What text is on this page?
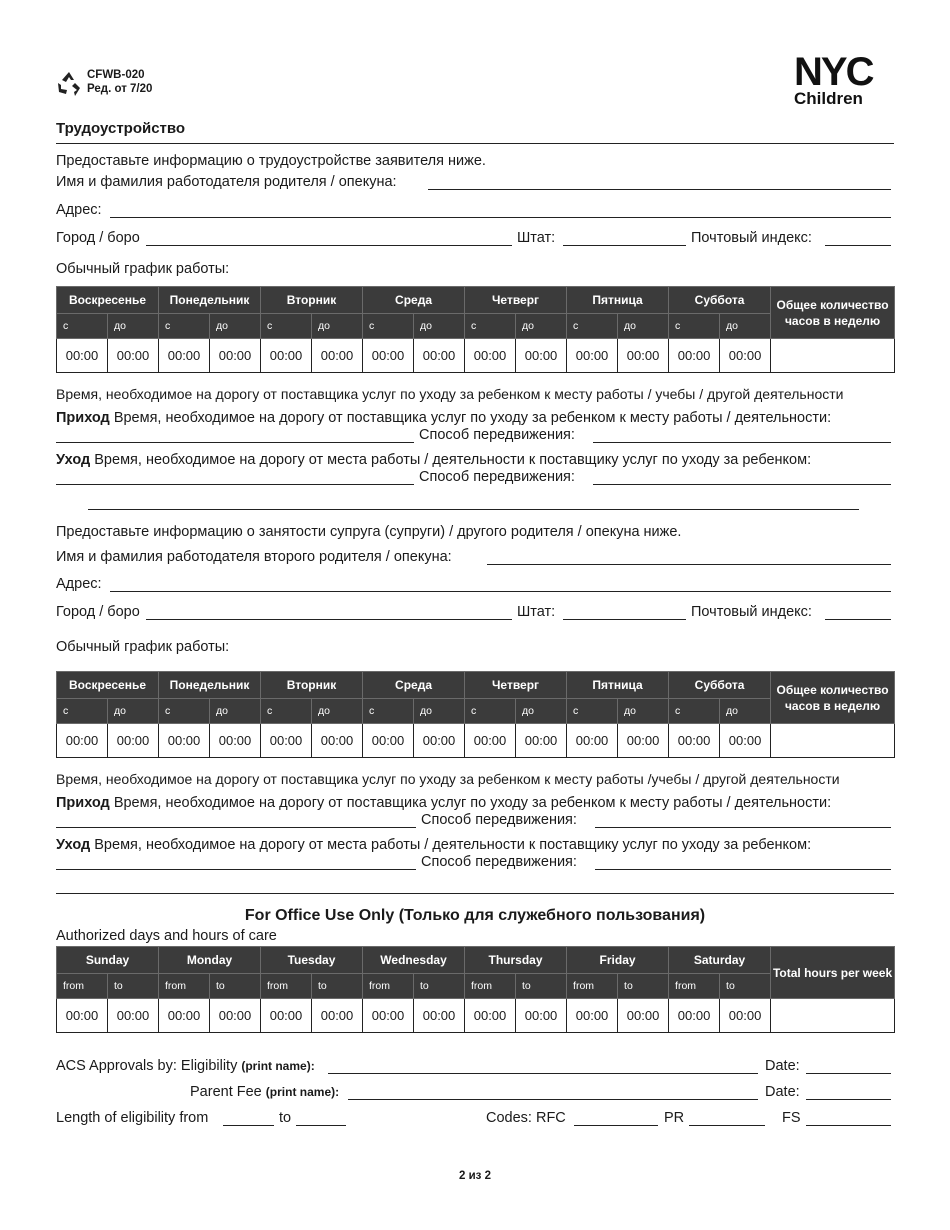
CFWB-020
Ред. от 7/20	NYC
Children
Трудоустройство
Предоставьте информацию о трудоустройстве заявителя ниже.
Имя и фамилия работодателя родителя / опекуна:
Адрес:
Город / боро	Штат:	Почтовый индекс:
Обычный график работы:
Воскресенье		Понедельник		Вторник		Среда		Четверг		Пятница		Суббота		Общее количество часов в неделю
с	до	с	до	с	до	с	до	с	до	с	до	с	до	
00:00	00:00	00:00	00:00	00:00	00:00	00:00	00:00	00:00	00:00	00:00	00:00	00:00	00:00	
Время, необходимое на дорогу от поставщика услуг по уходу за ребенком к месту работы / учебы / другой деятельности
Приход Время, необходимое на дорогу от поставщика услуг по уходу за ребенком к месту работы / деятельности:
Способ передвижения:
Уход Время, необходимое на дорогу от места работы / деятельности к поставщику услуг по уходу за ребенком:
Способ передвижения:
Предоставьте информацию о занятости супруга (супруги) / другого родителя / опекуна ниже.
Имя и фамилия работодателя второго родителя / опекуна:
Адрес:
Город / боро	Штат:	Почтовый индекс:
Обычный график работы:
Воскресенье		Понедельник		Вторник		Среда		Четверг		Пятница		Суббота		Общее количество часов в неделю
с	до	с	до	с	до	с	до	с	до	с	до	с	до	
00:00	00:00	00:00	00:00	00:00	00:00	00:00	00:00	00:00	00:00	00:00	00:00	00:00	00:00	
Время, необходимое на дорогу от поставщика услуг по уходу за ребенком к месту работы /учебы / другой деятельности
Приход Время, необходимое на дорогу от поставщика услуг по уходу за ребенком к месту работы / деятельности:
Способ передвижения:
Уход Время, необходимое на дорогу от места работы / деятельности к поставщику услуг по уходу за ребенком:
Способ передвижения:
For Office Use Only (Только для служебного пользования)
Authorized days and hours of care
Sunday		Monday		Tuesday		Wednesday		Thursday		Friday		Saturday		Total hours per week
from	to	from	to	from	to	from	to	from	to	from	to	from	to	
00:00	00:00	00:00	00:00	00:00	00:00	00:00	00:00	00:00	00:00	00:00	00:00	00:00	00:00	
ACS Approvals by: Eligibility (print name):	Date:
Parent Fee (print name):	Date:
Length of eligibility from	to	Codes: RFC	PR	FS
2 из 2
